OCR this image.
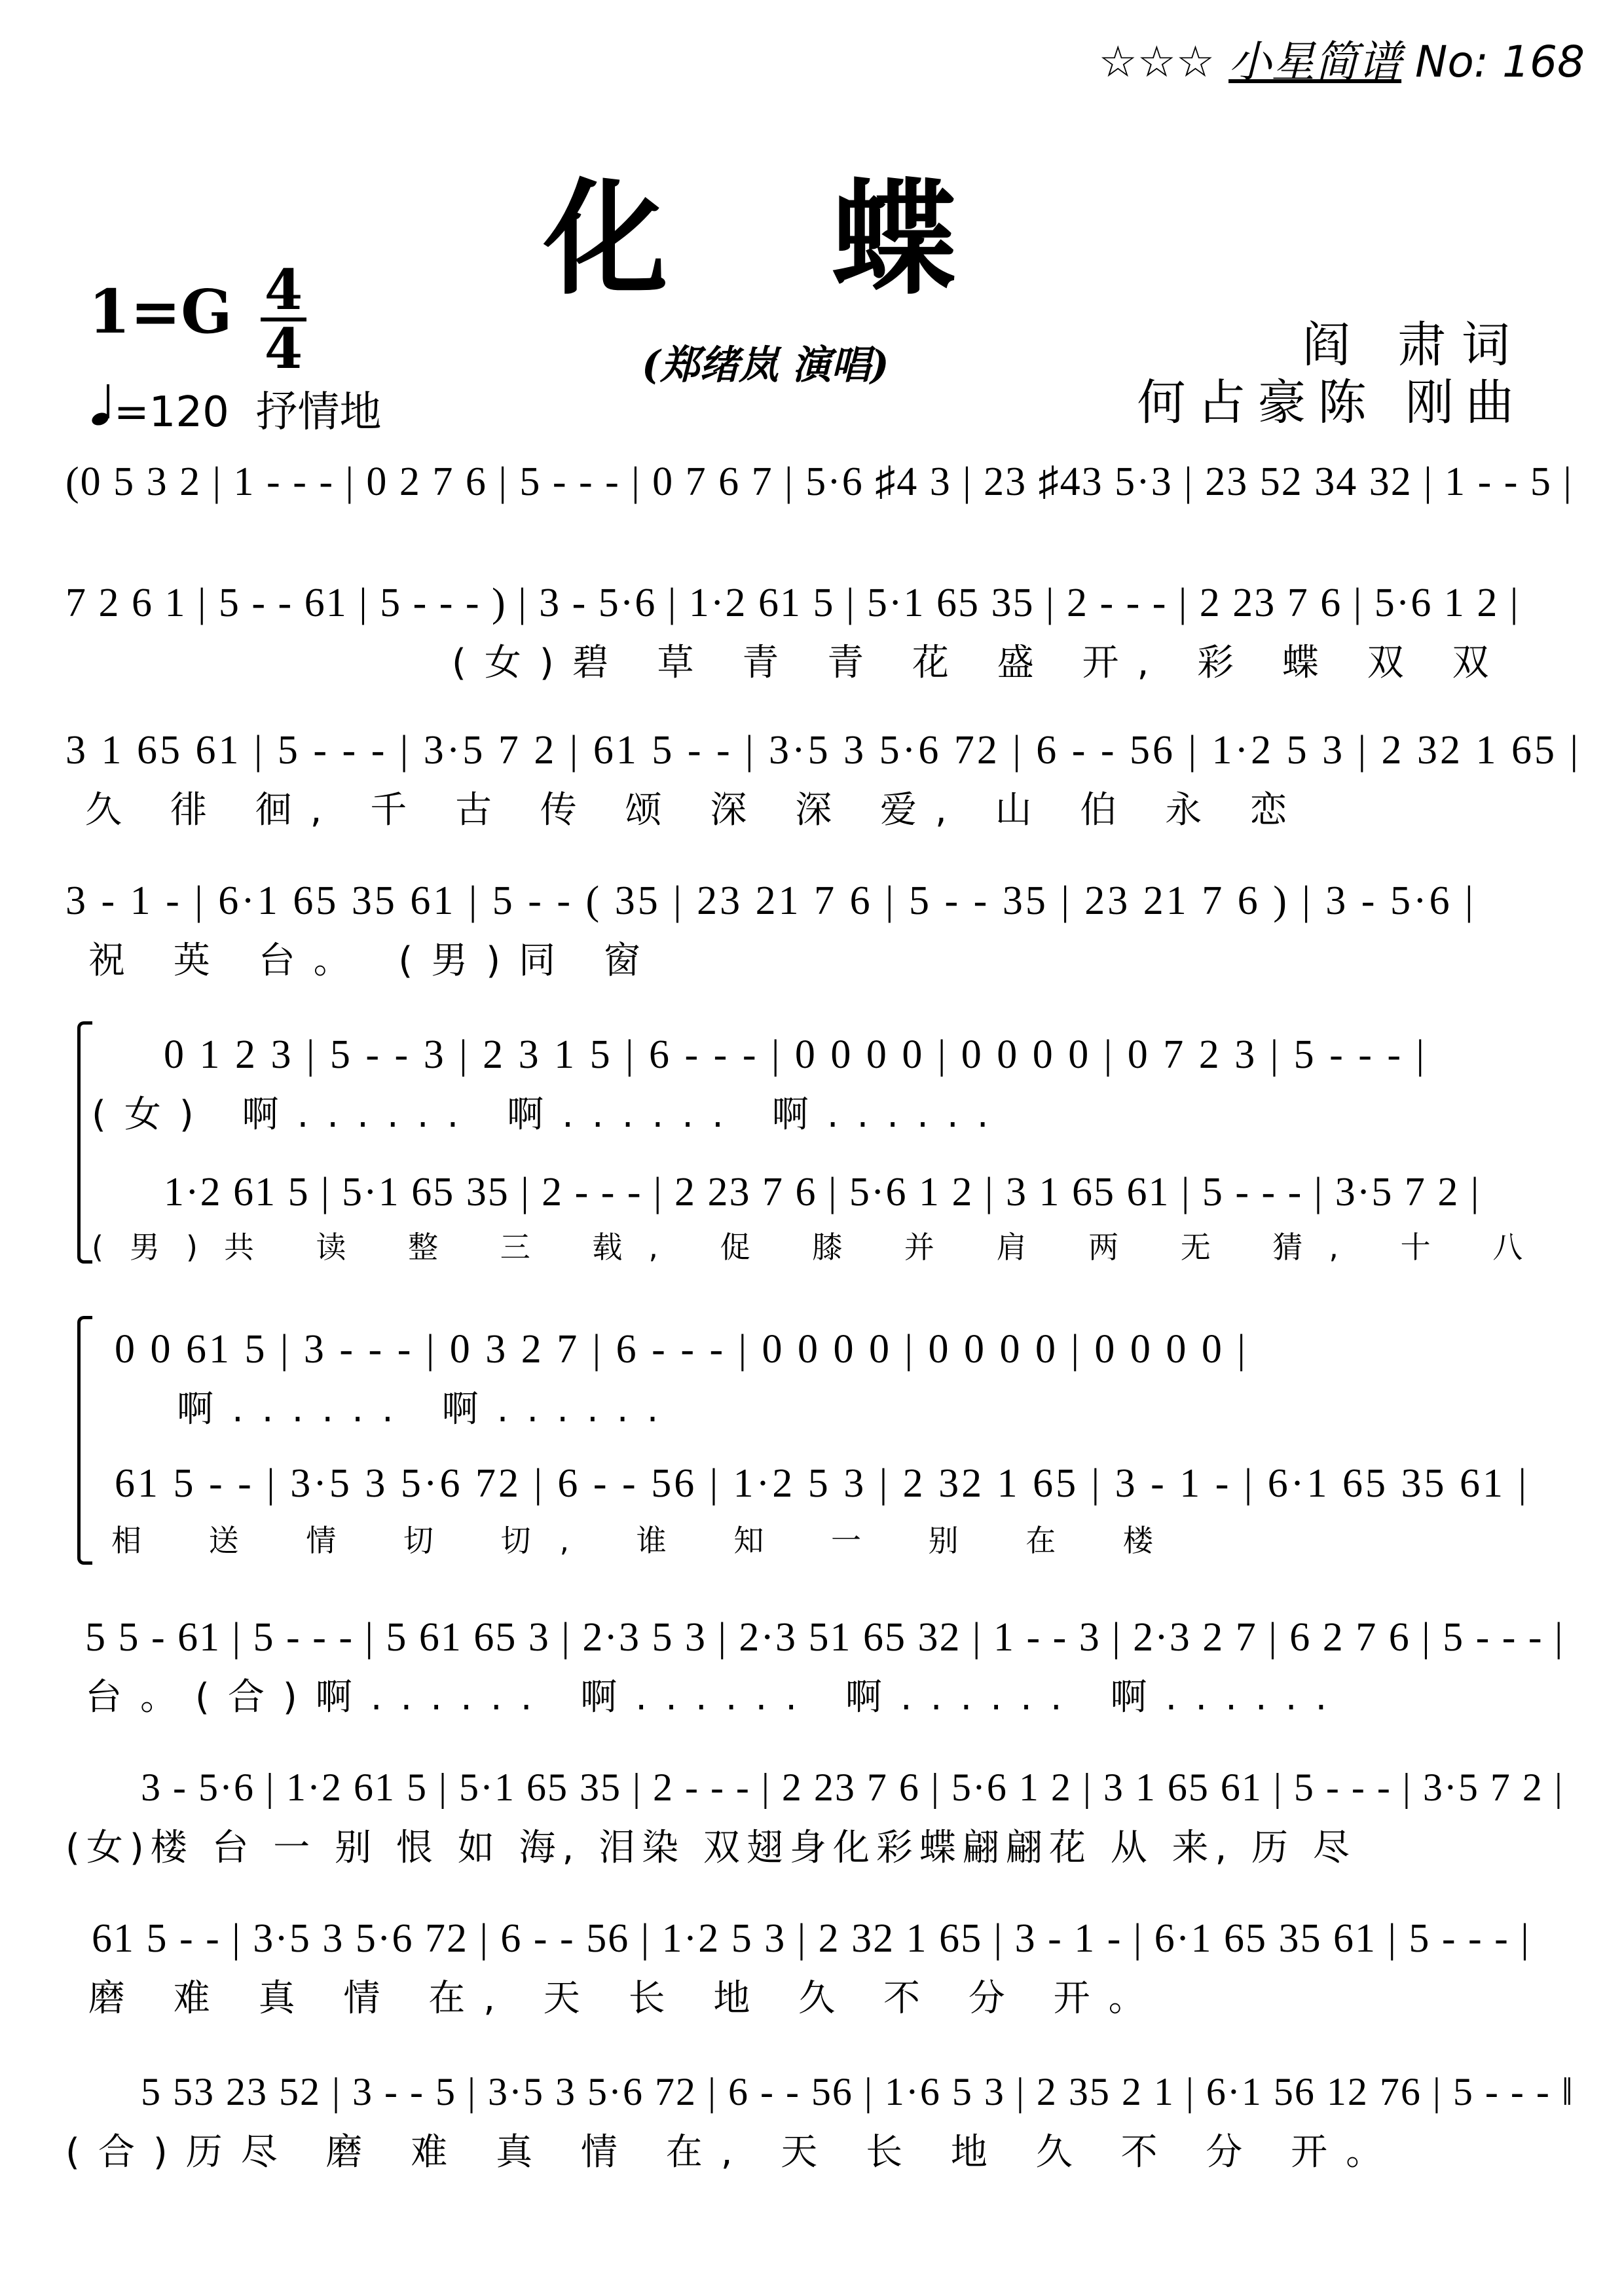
☆☆☆ 小星简谱 No: 168
化蝶
1=G 4
4
=120 抒情地
(郑绪岚 演唱)	阎 肃词
何占豪陈 刚曲
(0 5 3 2 | 1 - - - | 0 2 7 6 | 5 - - - | 0 7 6 7 | 5·6 ♯4 3 | 23 ♯43 5·3 | 23 52 34 32 | 1 - - 5 |
7 2 6 1 | 5 - - 61 | 5 - - - ) | 3 - 5·6 | 1·2 61 5 | 5·1 65 35 | 2 - - - | 2 23 7 6 | 5·6 1 2 |
(女)碧 草 青 青 花 盛 开, 彩 蝶 双 双
3 1 65 61 | 5 - - - | 3·5 7 2 | 61 5 - - | 3·5 3 5·6 72 | 6 - - 56 | 1·2 5 3 | 2 32 1 65 |
久 徘 徊, 千 古 传 颂 深 深 爱, 山 伯 永 恋
3 - 1 - | 6·1 65 35 61 | 5 - - ( 35 | 23 21 7 6 | 5 - - 35 | 23 21 7 6 ) | 3 - 5·6 |
祝 英 台。 (男)同 窗
0 1 2 3 | 5 - - 3 | 2 3 1 5 | 6 - - - | 0 0 0 0 | 0 0 0 0 | 0 7 2 3 | 5 - - - |
(女) 啊...... 啊...... 啊......
1·2 61 5 | 5·1 65 35 | 2 - - - | 2 23 7 6 | 5·6 1 2 | 3 1 65 61 | 5 - - - | 3·5 7 2 |
(男)共 读 整 三 载, 促 膝 并 肩 两 无 猜, 十 八
0 0 61 5 | 3 - - - | 0 3 2 7 | 6 - - - | 0 0 0 0 | 0 0 0 0 | 0 0 0 0 |
啊...... 啊......
61 5 - - | 3·5 3 5·6 72 | 6 - - 56 | 1·2 5 3 | 2 32 1 65 | 3 - 1 - | 6·1 65 35 61 |
相 送 情 切 切, 谁 知 一 别 在 楼
5 5 - 61 | 5 - - - | 5 61 65 3 | 2·3 5 3 | 2·3 51 65 32 | 1 - - 3 | 2·3 2 7 | 6 2 7 6 | 5 - - - |
台。(合)啊...... 啊...... 啊...... 啊......
3 - 5·6 | 1·2 61 5 | 5·1 65 35 | 2 - - - | 2 23 7 6 | 5·6 1 2 | 3 1 65 61 | 5 - - - | 3·5 7 2 |
(女)楼 台 一 别 恨 如 海, 泪染 双翅身化彩蝶翩翩花 从 来, 历 尽
61 5 - - | 3·5 3 5·6 72 | 6 - - 56 | 1·2 5 3 | 2 32 1 65 | 3 - 1 - | 6·1 65 35 61 | 5 - - - |
磨 难 真 情 在, 天 长 地 久 不 分 开。
5 53 23 52 | 3 - - 5 | 3·5 3 5·6 72 | 6 - - 56 | 1·6 5 3 | 2 35 2 1 | 6·1 56 12 76 | 5 - - - ‖
(合)历尽 磨 难 真 情 在, 天 长 地 久 不 分 开。
